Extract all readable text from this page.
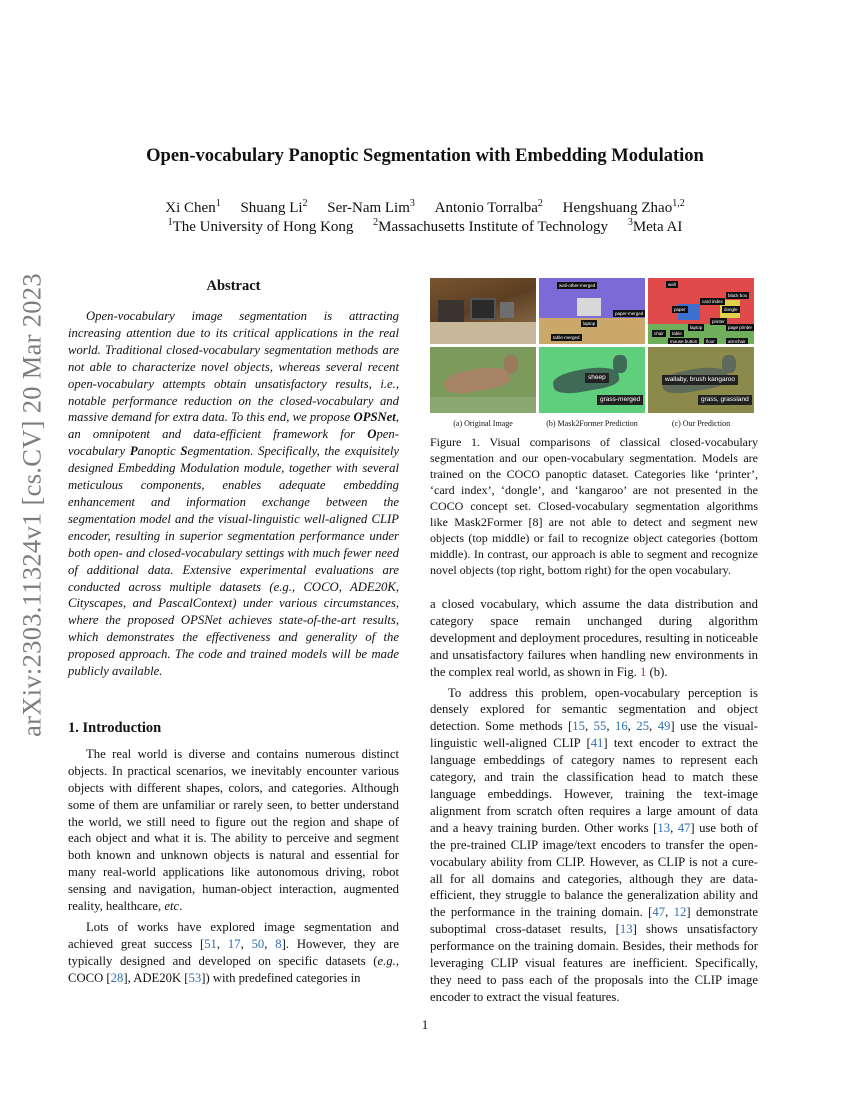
arXiv:2303.11324v1 [cs.CV] 20 Mar 2023
Open-vocabulary Panoptic Segmentation with Embedding Modulation
Xi Chen$^1$ Shuang Li$^2$ Ser-Nam Lim$^3$ Antonio Torralba$^2$ Hengshuang Zhao$^{1,2}$
$^1$The University of Hong Kong $^2$Massachusetts Institute of Technology $^3$Meta AI
Abstract

Open-vocabulary image segmentation is attracting increasing attention due to its critical applications in the real world. Traditional closed-vocabulary segmentation methods are not able to characterize novel objects, whereas several recent open-vocabulary attempts obtain unsatisfactory results, i.e., notable performance reduction on the closed-vocabulary and massive demand for extra data. To this end, we propose OPSNet, an omnipotent and data-efficient framework for Open-vocabulary Panoptic Segmentation. Specifically, the exquisitely designed Embedding Modulation module, together with several meticulous components, enables adequate embedding enhancement and information exchange between the segmentation model and the visual-linguistic well-aligned CLIP encoder, resulting in superior segmentation performance under both open- and closed-vocabulary settings with much fewer need of additional data. Extensive experimental evaluations are conducted across multiple datasets (e.g., COCO, ADE20K, Cityscapes, and PascalContext) under various circumstances, where the proposed OPSNet achieves state-of-the-art results, which demonstrates the effectiveness and generality of the proposed approach. The code and trained models will be made publicly available.

1. Introduction

The real world is diverse and contains numerous distinct objects. In practical scenarios, we inevitably encounter various objects with different shapes, colors, and categories. Although some of them are unfamiliar or rarely seen, to better understand the world, we still need to figure out the region and shape of each object and what it is. The ability to perceive and segment both known and unknown objects is natural and essential for many real-world applications like autonomous driving, robot sensing and navigation, human-object interaction, augmented reality, healthcare, etc.

Lots of works have explored image segmentation and achieved great success [51, 17, 50, 8]. However, they are typically designed and developed on specific datasets (e.g., COCO [28], ADE20K [53]) with predefined categories in

wall-other-merged
paper-merged
laptop
table-merged
wall
black box
card index
paper	dongle
laptop
printer
page printer
chair	table
mouse button	floor	armchair
sheep
grass-merged
wallaby, brush kangaroo
grass, grassland
(a) Original Image	(b) Mask2Former Prediction	(c) Our Prediction
Figure 1. Visual comparisons of classical closed-vocabulary segmentation and our open-vocabulary segmentation. Models are trained on the COCO panoptic dataset. Categories like ‘printer’, ‘card index’, ‘dongle’, and ‘kangaroo’ are not presented in the COCO concept set. Closed-vocabulary segmentation algorithms like Mask2Former [8] are not able to detect and segment new objects (top middle) or fail to recognize object categories (bottom middle). In contrast, our approach is able to segment and recognize novel objects (top right, bottom right) for the open vocabulary.

a closed vocabulary, which assume the data distribution and category space remain unchanged during algorithm development and deployment procedures, resulting in noticeable and unsatisfactory failures when handling new environments in the complex real world, as shown in Fig. 1 (b).

To address this problem, open-vocabulary perception is densely explored for semantic segmentation and object detection. Some methods [15, 55, 16, 25, 49] use the visual-linguistic well-aligned CLIP [41] text encoder to extract the language embeddings of category names to represent each category, and train the classification head to match these language embeddings. However, training the text-image alignment from scratch often requires a large amount of data and a heavy training burden. Other works [13, 47] use both of the pre-trained CLIP image/text encoders to transfer the open-vocabulary ability from CLIP. However, as CLIP is not a cure-all for all domains and categories, although they are data-efficient, they struggle to balance the generalization ability and the performance in the training domain. [47, 12] demonstrate suboptimal cross-dataset results, [13] shows unsatisfactory performance on the training domain. Besides, their methods for leveraging CLIP visual features are inefficient. Specifically, they need to pass each of the proposals into the CLIP image encoder to extract the visual features.

1
